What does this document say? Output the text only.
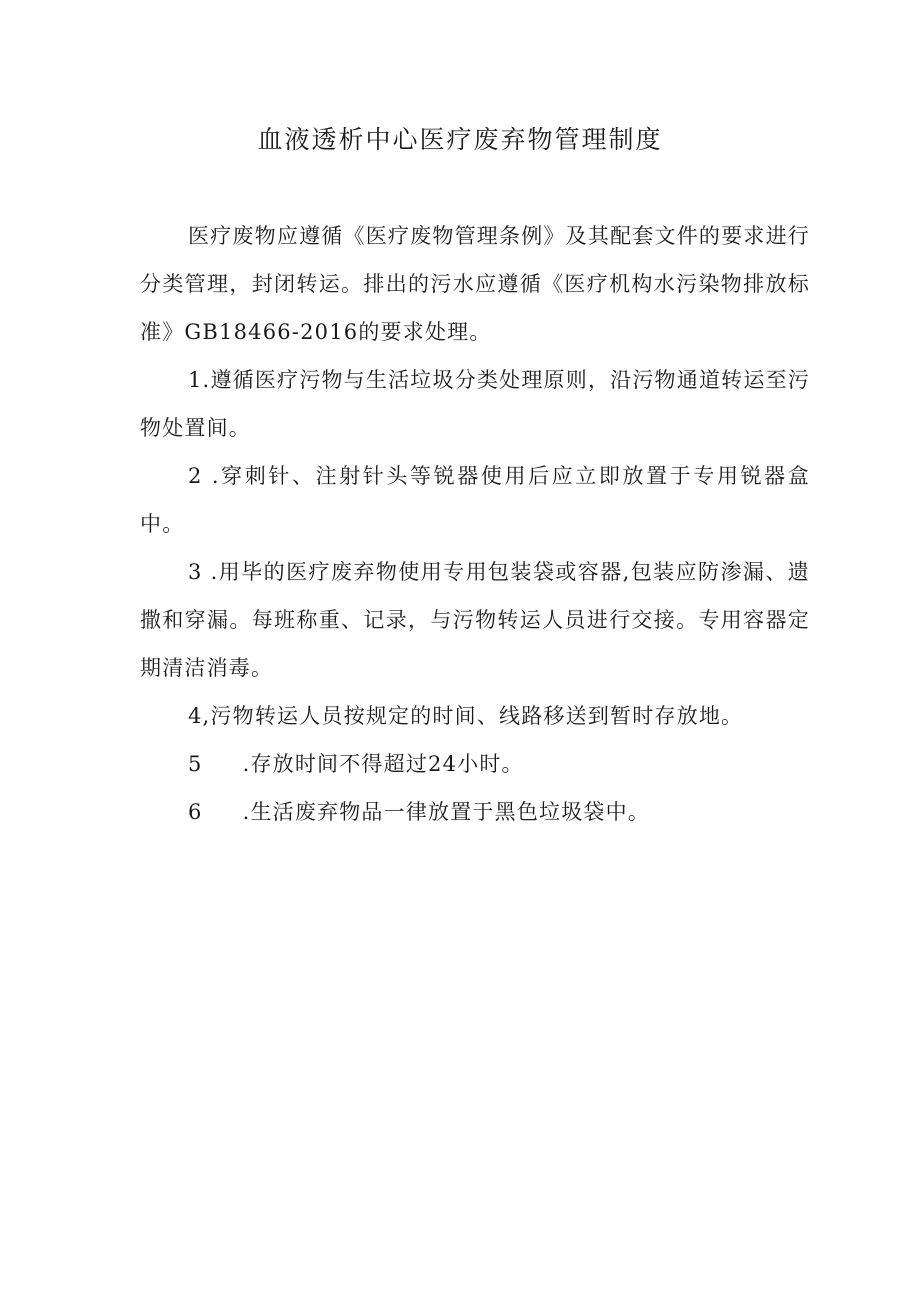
血液透析中心医疗废弃物管理制度

医疗废物应遵循《医疗废物管理条例》及其配套文件的要求进行分类管理，封闭转运。排出的污水应遵循《医疗机构水污染物排放标准》GB18466-2016的要求处理。

1.遵循医疗污物与生活垃圾分类处理原则，沿污物通道转运至污物处置间。

2 .穿刺针、注射针头等锐器使用后应立即放置于专用锐器盒中。

3 .用毕的医疗废弃物使用专用包装袋或容器,包装应防渗漏、遗撒和穿漏。每班称重、记录，与污物转运人员进行交接。专用容器定期清洁消毒。

4,污物转运人员按规定的时间、线路移送到暂时存放地。

5 .存放时间不得超过24小时。

6 .生活废弃物品一律放置于黑色垃圾袋中。
